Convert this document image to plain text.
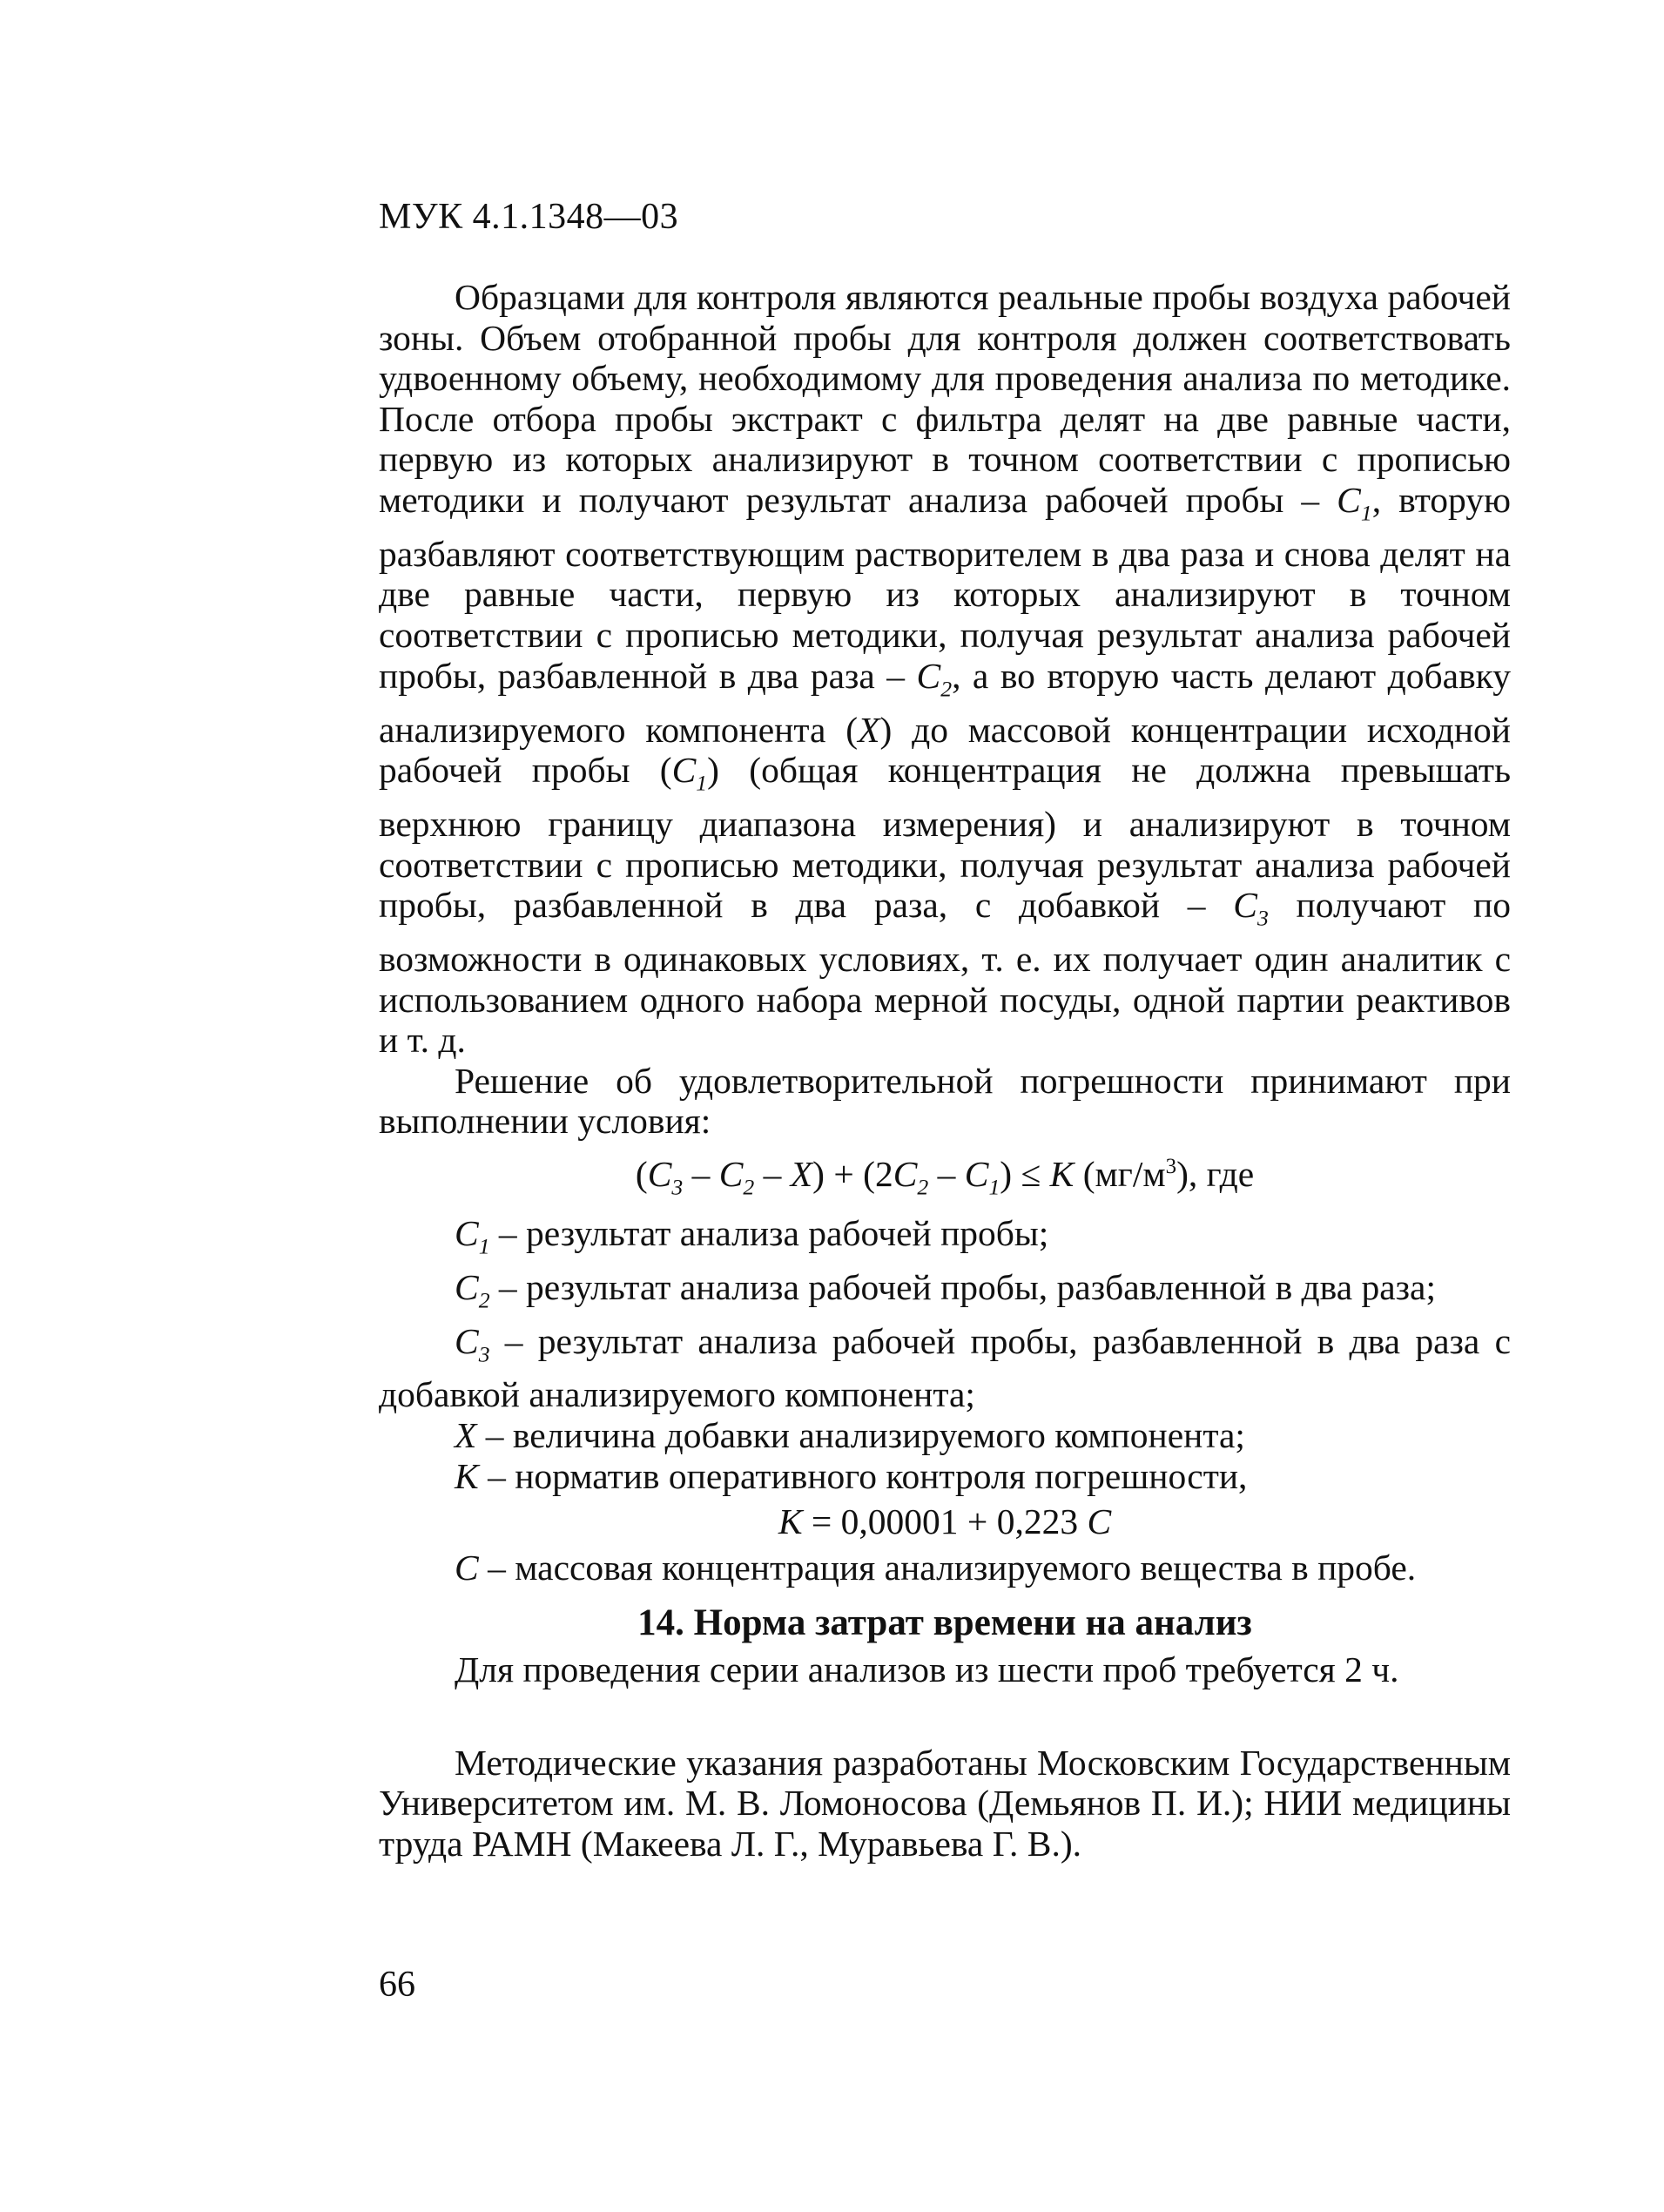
МУК 4.1.1348—03

Образцами для контроля являются реальные пробы воздуха рабочей зоны. Объем отобранной пробы для контроля должен соответствовать удвоенному объему, необходимому для проведения анализа по методике. После отбора пробы экстракт с фильтра делят на две равные части, первую из которых анализируют в точном соответствии с прописью методики и получают результат анализа рабочей пробы – $C_1$, вторую разбавляют соответствующим растворителем в два раза и снова делят на две равные части, первую из которых анализируют в точном соответствии с прописью методики, получая результат анализа рабочей пробы, разбавленной в два раза – $C_2$, а во вторую часть делают добавку анализируемого компонента (X) до массовой концентрации исходной рабочей пробы $(C_1)$ (общая концентрация не должна превышать верхнюю границу диапазона измерения) и анализируют в точном соответствии с прописью методики, получая результат анализа рабочей пробы, разбавленной в два раза, с добавкой – $C_3$ получают по возможности в одинаковых условиях, т. е. их получает один аналитик с использованием одного набора мерной посуды, одной партии реактивов и т. д.

Решение об удовлетворительной погрешности принимают при выполнении условия:

$(C_3 - C_2 - X) + (2C_2 - C_1) \le K$ $(мг/м^3)$, где

$C_1$ – результат анализа рабочей пробы;

$C_2$ – результат анализа рабочей пробы, разбавленной в два раза;

$C_3$ – результат анализа рабочей пробы, разбавленной в два раза с добавкой анализируемого компонента;

X – величина добавки анализируемого компонента;

K – норматив оперативного контроля погрешности,

K = 0,00001 + 0,223 C

C – массовая концентрация анализируемого вещества в пробе.

14. Норма затрат времени на анализ

Для проведения серии анализов из шести проб требуется 2 ч.

Методические указания разработаны Московским Государственным Университетом им. М. В. Ломоносова (Демьянов П. И.); НИИ медицины труда РАМН (Макеева Л. Г., Муравьева Г. В.).

66
